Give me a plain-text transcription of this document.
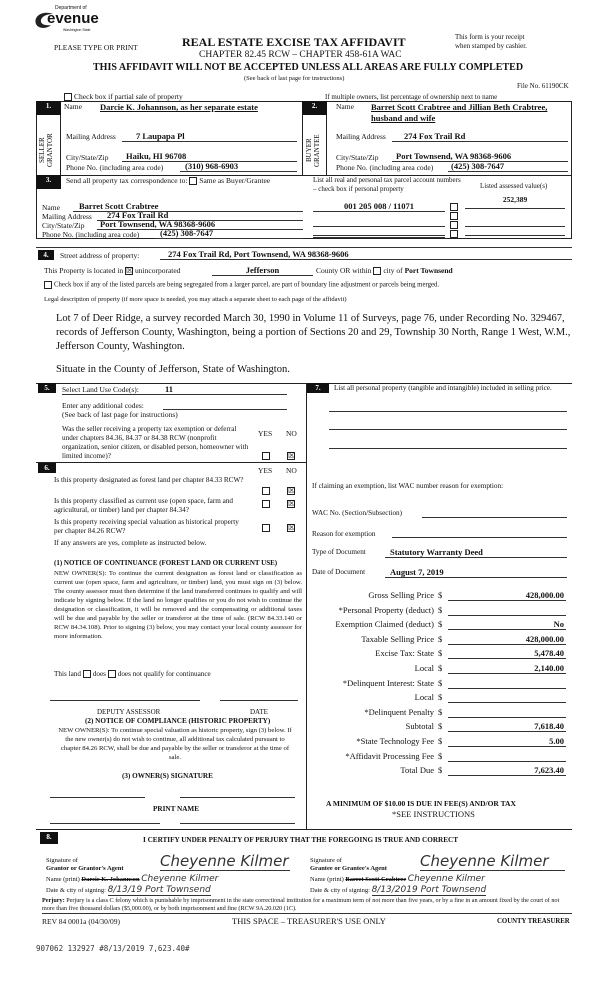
Department of
evenue
Washington State
PLEASE TYPE OR PRINT	REAL ESTATE EXCISE TAX AFFIDAVIT
CHAPTER 82.45 RCW – CHAPTER 458-61A WAC
THIS AFFIDAVIT WILL NOT BE ACCEPTED UNLESS ALL AREAS ARE FULLY COMPLETED
(See back of last page for instructions)
This form is your receipt
when stamped by cashier.
File No. 61190CK
Check box if partial sale of property	If multiple owners, list percentage of ownership next to name
1.
SELLER GRANTOR
Name Darcie K. Johannson, as her separate estate
Mailing Address	7 Laupapa Pl
City/State/Zip	Haiku, HI 96708
Phone No. (including area code)	(310) 968-6903
2.
BUYER GRANTEE
Name Barret Scott Crabtree and Jillian Beth Crabtree,
husband and wife
Mailing Address	274 Fox Trail Rd
City/State/Zip	Port Townsend, WA 98368-9606
Phone No. (including area code)	(425) 308-7647
3.	Send all property tax correspondence to: Same as Buyer/Grantee	List all real and personal tax parcel account numbers – check box if personal property	Listed assessed value(s)
Name	Barret Scott Crabtree
Mailing Address	274 Fox Trail Rd
City/State/Zip	Port Townsend, WA 98368-9606
Phone No. (including area code)	(425) 308-7647
001 205 008 / 11071
252,389
4.	Street address of property:	274 Fox Trail Rd, Port Townsend, WA 98368-9606
This Property is located in ☒ unincorporated	Jefferson	County OR within city of Port Townsend
Check box if any of the listed parcels are being segregated from a larger parcel, are part of boundary line adjustment or parcels being merged.
Legal description of property (if more space is needed, you may attach a separate sheet to each page of the affidavit)
Lot 7 of Deer Ridge, a survey recorded March 30, 1990 in Volume 11 of Surveys, page 76, under Recording No. 329467, records of Jefferson County, Washington, being a portion of Sections 20 and 29, Township 30 North, Range 1 West, W.M., Jefferson County, Washington.
Situate in the County of Jefferson, State of Washington.
5.	Select Land Use Code(s):	11
Enter any additional codes:
(See back of last page for instructions)
Was the seller receiving a property tax exemption or deferral under chapters 84.36, 84.37 or 84.38 RCW (nonprofit organization, senior citizen, or disabled person, homeowner with limited income)?
YES NO
☒
6.	YES NO
Is this property designated as forest land per chapter 84.33 RCW?
☒
Is this property classified as current use (open space, farm and agricultural, or timber) land per chapter 84.34?
☒
Is this property receiving special valuation as historical property per chapter 84.26 RCW?	☒
If any answers are yes, complete as instructed below.
(1) NOTICE OF CONTINUANCE (FOREST LAND OR CURRENT USE)
NEW OWNER(S): To continue the current designation as forest land or classification as current use (open space, farm and agriculture, or timber) land, you must sign on (3) below. The county assessor must then determine if the land transferred continues to qualify and will indicate by signing below. If the land no longer qualifies or you do not wish to continue the designation or classification, it will be removed and the compensating or additional taxes will be due and payable by the seller or transferor at the time of sale. (RCW 84.33.140 or RCW 84.34.108). Prior to signing (3) below, you may contact your local county assessor for more information.
This land does does not qualify for continuance
DEPUTY ASSESSOR	DATE
(2) NOTICE OF COMPLIANCE (HISTORIC PROPERTY)
NEW OWNER(S): To continue special valuation as historic property, sign (3) below. If the new owner(s) do not wish to continue, all additional tax calculated pursuant to chapter 84.26 RCW, shall be due and payable by the seller or transferor at the time of sale.
(3) OWNER(S) SIGNATURE
PRINT NAME
7.	List all personal property (tangible and intangible) included in selling price.
If claiming an exemption, list WAC number reason for exemption:
WAC No. (Section/Subsection)
Reason for exemption
Type of Document	Statutory Warranty Deed
Date of Document	August 7, 2019
Gross Selling Price $	428,000.00
*Personal Property (deduct) $

Exemption Claimed (deduct) $	No
Taxable Selling Price $	428,000.00
Excise Tax: State $	5,478.40
Local $	2,140.00
*Delinquent Interest: State $

Local $

*Delinquent Penalty $

Subtotal $	7,618.40
*State Technology Fee $	5.00
*Affidavit Processing Fee $

Total Due $	7,623.40
A MINIMUM OF $10.00 IS DUE IN FEE(S) AND/OR TAX
*SEE INSTRUCTIONS
8.	I CERTIFY UNDER PENALTY OF PERJURY THAT THE FOREGOING IS TRUE AND CORRECT
Signature of
Grantor or Grantor's Agent Cheyenne Kilmer
Name (print) Darcie K. Johannson Cheyenne Kilmer
Date & city of signing: 8/13/19 Port Townsend
Signature of
Grantee or Grantee's Agent Cheyenne Kilmer
Name (print) Barret Scott Crabtree Cheyenne Kilmer
Date & city of signing: 8/13/2019 Port Townsend
Perjury: Perjury is a class C felony which is punishable by imprisonment in the state correctional institution for a maximum term of not more than five years, or by a fine in an amount fixed by the court of not more than five thousand dollars ($5,000.00), or by both imprisonment and fine (RCW 9A.20.020 (1C).
REV 84 0001a (04/30/09)	THIS SPACE – TREASURER'S USE ONLY	COUNTY TREASURER
907062 132927 #8/13/2019 7,623.40#
